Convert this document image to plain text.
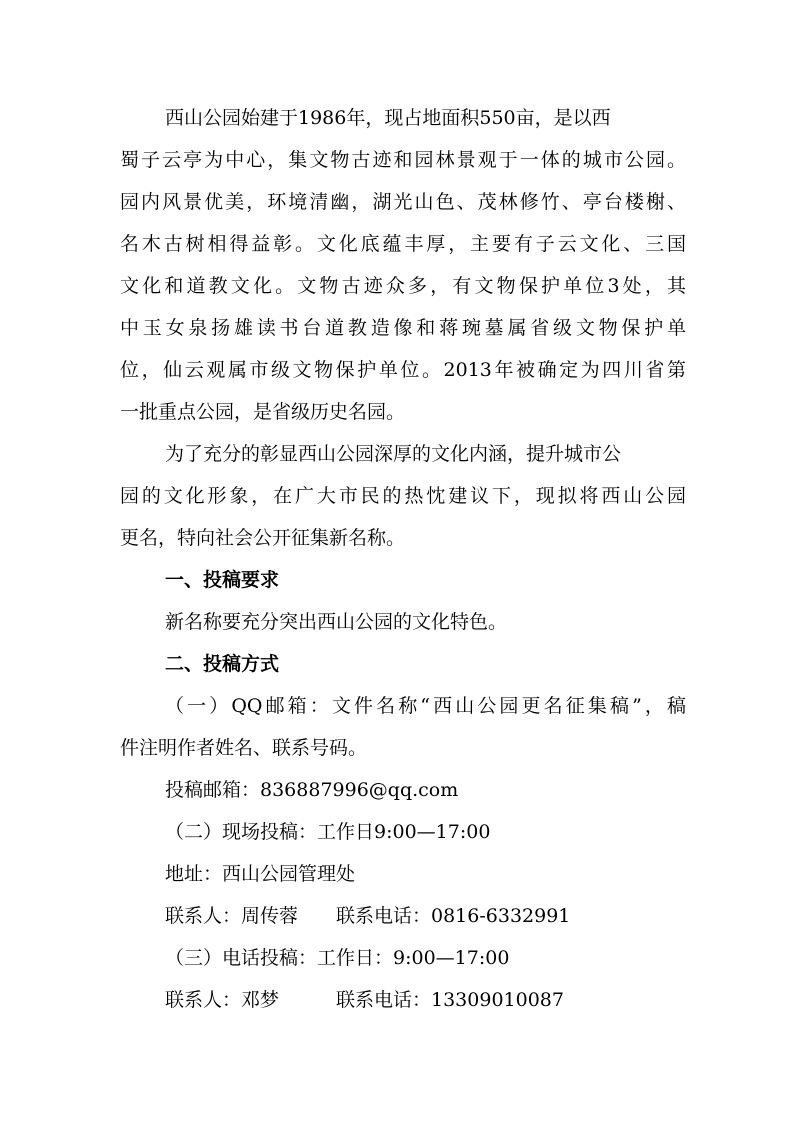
西山公园始建于1986年，现占地面积550亩，是以西

蜀子云亭为中心，集文物古迹和园林景观于一体的城市公园。

园内风景优美，环境清幽，湖光山色、茂林修竹、亭台楼榭、

名木古树相得益彰。文化底蕴丰厚，主要有子云文化、三国

文化和道教文化。文物古迹众多，有文物保护单位3处，其

中玉女泉扬雄读书台道教造像和蒋琬墓属省级文物保护单

位，仙云观属市级文物保护单位。2013年被确定为四川省第

一批重点公园，是省级历史名园。

为了充分的彰显西山公园深厚的文化内涵，提升城市公

园的文化形象，在广大市民的热忱建议下，现拟将西山公园

更名，特向社会公开征集新名称。

一、投稿要求

新名称要充分突出西山公园的文化特色。

二、投稿方式

（一）QQ邮箱：文件名称“西山公园更名征集稿”，稿

件注明作者姓名、联系号码。

投稿邮箱：836887996@qq.com

（二）现场投稿：工作日9:00—17:00

地址：西山公园管理处

联系人：周传蓉　　联系电话：0816-6332991

（三）电话投稿：工作日：9:00—17:00

联系人：邓梦　　　联系电话：13309010087
